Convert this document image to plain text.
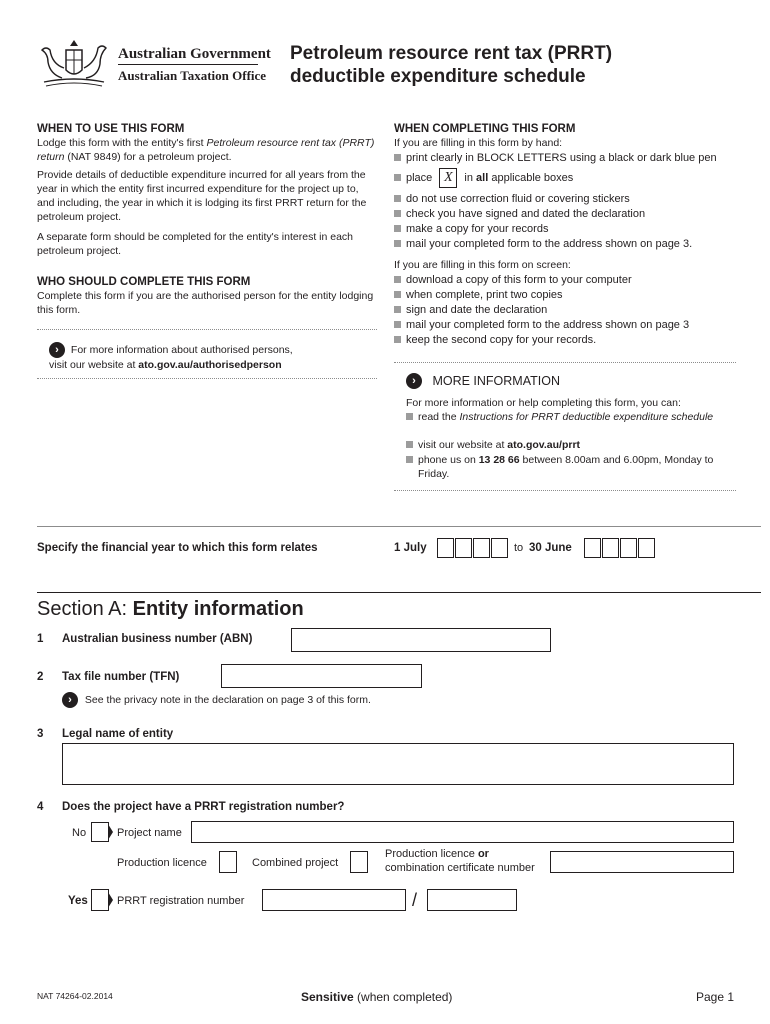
Australian Government
Australian Taxation Office
Petroleum resource rent tax (PRRT)
deductible expenditure schedule
WHEN TO USE THIS FORM
Lodge this form with the entity's first Petroleum resource rent tax (PRRT) return (NAT 9849) for a petroleum project.
Provide details of deductible expenditure incurred for all years from the year in which the entity first incurred expenditure for the project up to, and including, the year in which it is lodging its first PRRT return for the petroleum project.
A separate form should be completed for the entity's interest in each petroleum project.
WHO SHOULD COMPLETE THIS FORM
Complete this form if you are the authorised person for the entity lodging this form.
› For more information about authorised persons,
visit our website at ato.gov.au/authorisedperson
WHEN COMPLETING THIS FORM
If you are filling in this form by hand:
print clearly in BLOCK LETTERS using a black or dark blue pen
place X in all applicable boxes
do not use correction fluid or covering stickers
check you have signed and dated the declaration
make a copy for your records
mail your completed form to the address shown on page 3.
If you are filling in this form on screen:
download a copy of this form to your computer
when complete, print two copies
sign and date the declaration
mail your completed form to the address shown on page 3
keep the second copy for your records.
› MORE INFORMATION
For more information or help completing this form, you can:
read the Instructions for PRRT deductible expenditure schedule
visit our website at ato.gov.au/prrt
phone us on 13 28 66 between 8.00am and 6.00pm, Monday to Friday.
Specify the financial year to which this form relates	1 July	to 30 June
Section A: Entity information
1 Australian business number (ABN)
2 Tax file number (TFN)
› See the privacy note in the declaration on page 3 of this form.
3 Legal name of entity
4 Does the project have a PRRT registration number?
No	Project name
Production licence	Combined project
Production licence or
combination certificate number
Yes	PRRT registration number	/
NAT 74264-02.2014	Sensitive (when completed)	Page 1
